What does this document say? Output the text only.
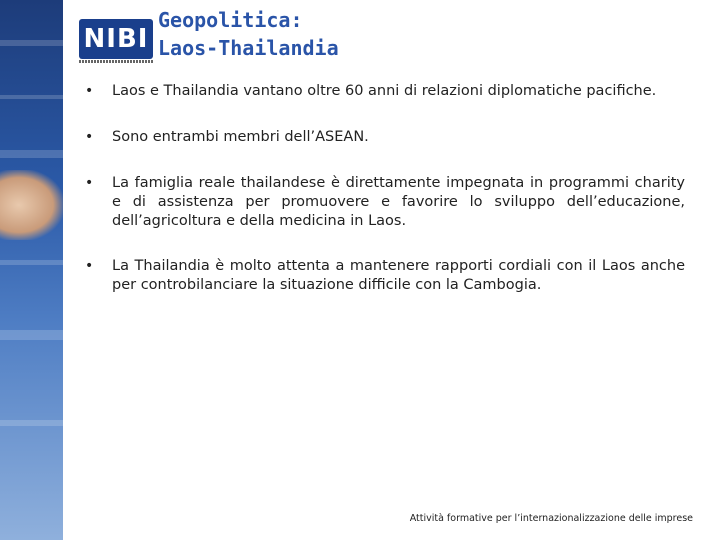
NIBI
Geopolitica:
Laos-Thailandia
• Laos e Thailandia vantano oltre 60 anni di relazioni diplomatiche pacifiche.
• Sono entrambi membri dell’ASEAN.
• La famiglia reale thailandese è direttamente impegnata in programmi charity e di assistenza per promuovere e favorire lo sviluppo dell’educazione, dell’agricoltura e della medicina in Laos.
• La Thailandia è molto attenta a mantenere rapporti cordiali con il Laos anche per controbilanciare la situazione difficile con la Cambogia.

Attività formative per l’internazionalizzazione delle imprese
